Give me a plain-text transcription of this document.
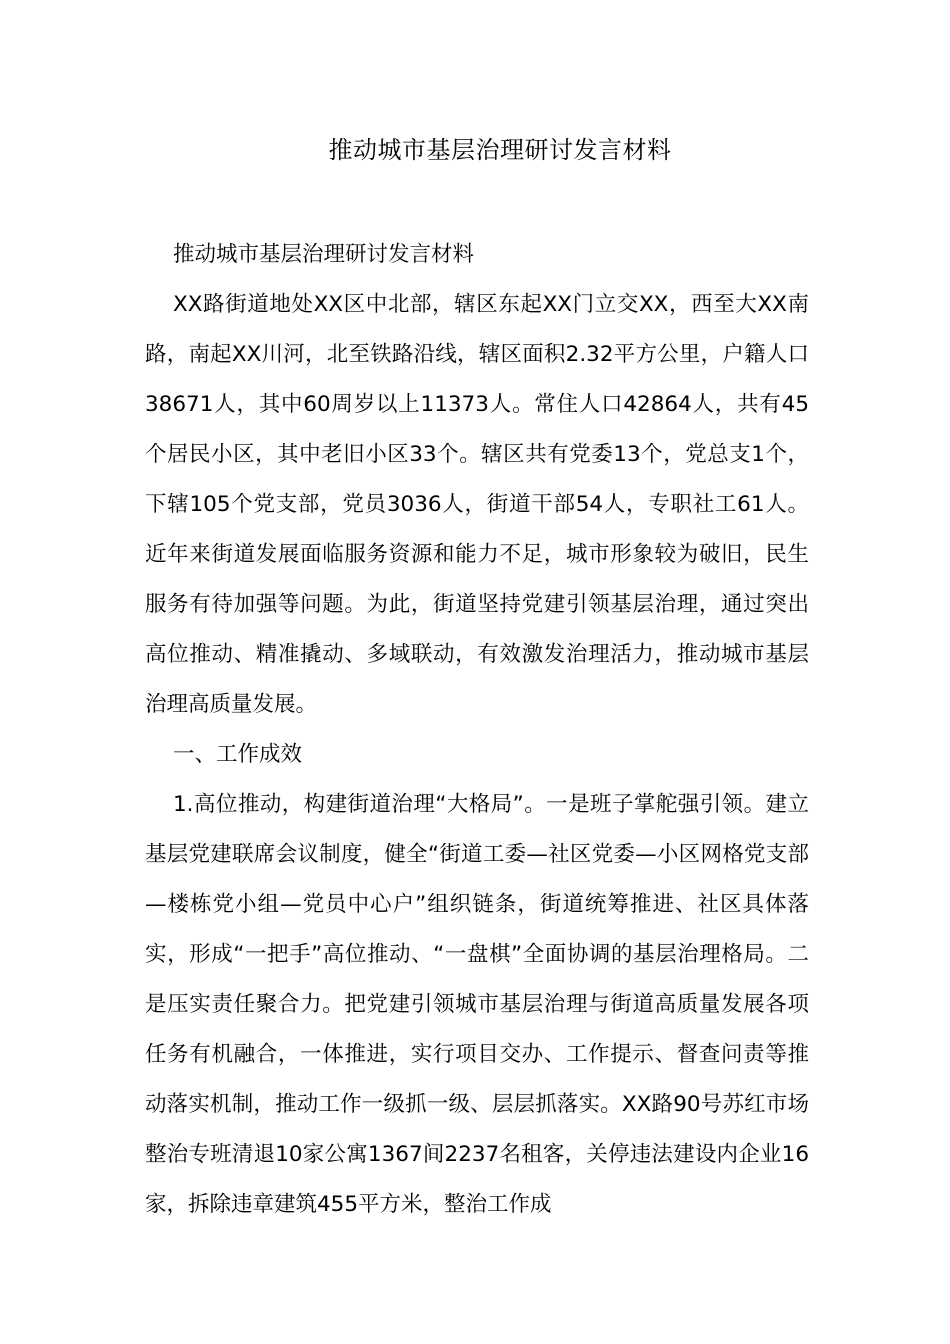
推动城市基层治理研讨发言材料

推动城市基层治理研讨发言材料

XX路街道地处XX区中北部，辖区东起XX门立交XX，西至大XX南路，南起XX川河，北至铁路沿线，辖区面积2.32平方公里，户籍人口38671人，其中60周岁以上11373人。常住人口42864人，共有45个居民小区，其中老旧小区33个。辖区共有党委13个，党总支1个，下辖105个党支部，党员3036人，街道干部54人，专职社工61人。近年来街道发展面临服务资源和能力不足，城市形象较为破旧，民生服务有待加强等问题。为此，街道坚持党建引领基层治理，通过突出高位推动、精准撬动、多域联动，有效激发治理活力，推动城市基层治理高质量发展。

一、工作成效

1.高位推动，构建街道治理“大格局”。一是班子掌舵强引领。建立基层党建联席会议制度，健全“街道工委—社区党委—小区网格党支部—楼栋党小组—党员中心户”组织链条，街道统筹推进、社区具体落实，形成“一把手”高位推动、“一盘棋”全面协调的基层治理格局。二是压实责任聚合力。把党建引领城市基层治理与街道高质量发展各项任务有机融合，一体推进，实行项目交办、工作提示、督查问责等推动落实机制，推动工作一级抓一级、层层抓落实。XX路90号苏红市场整治专班清退10家公寓1367间2237名租客，关停违法建设内企业16家，拆除违章建筑455平方米，整治工作成
